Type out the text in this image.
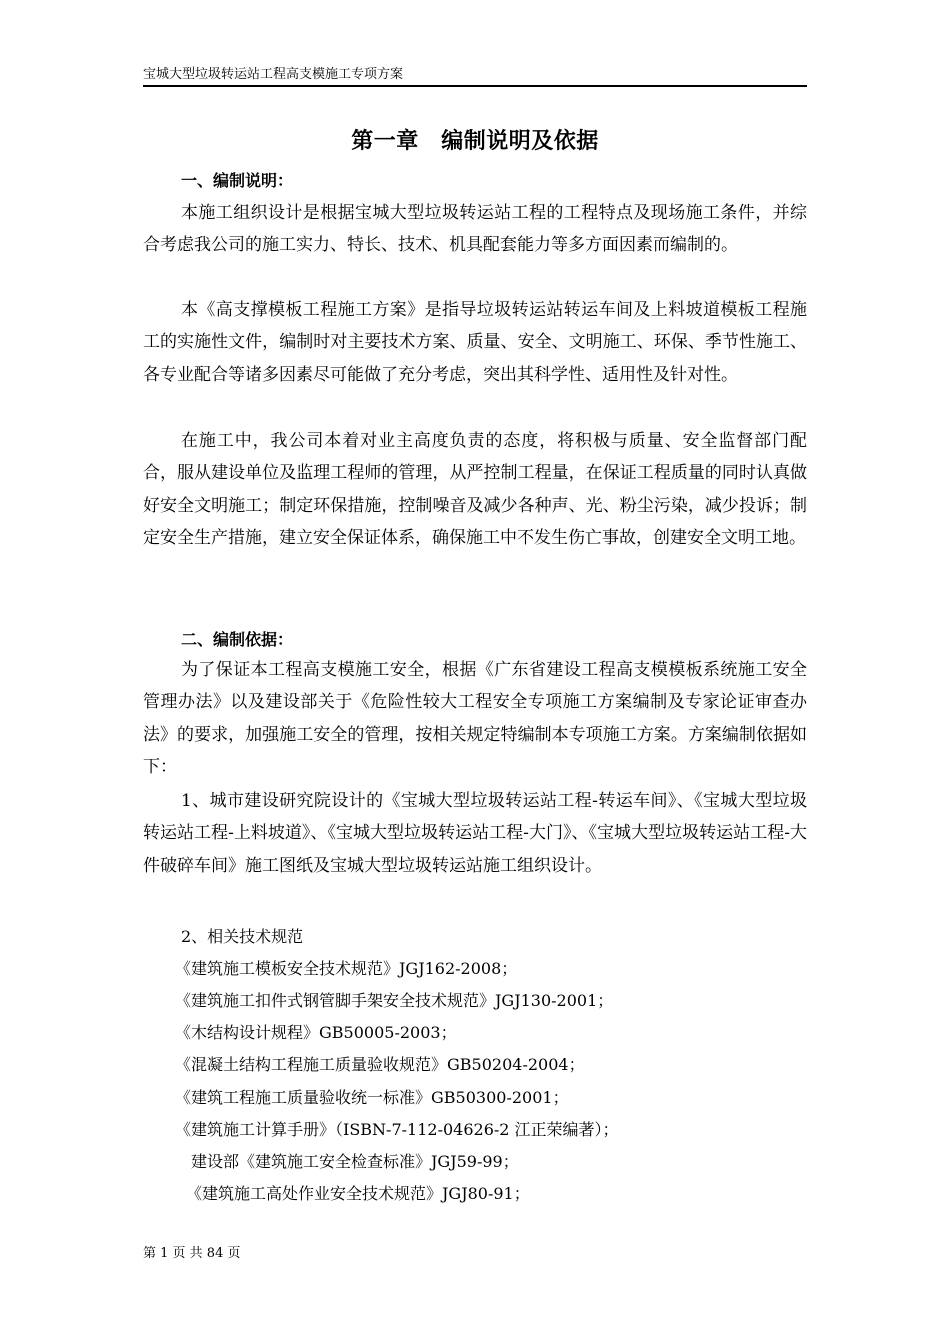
宝城大型垃圾转运站工程高支模施工专项方案
第一章　编制说明及依据
一、编制说明：
本施工组织设计是根据宝城大型垃圾转运站工程的工程特点及现场施工条件，并综合考虑我公司的施工实力、特长、技术、机具配套能力等多方面因素而编制的。
本《高支撑模板工程施工方案》是指导垃圾转运站转运车间及上料坡道模板工程施工的实施性文件，编制时对主要技术方案、质量、安全、文明施工、环保、季节性施工、各专业配合等诸多因素尽可能做了充分考虑，突出其科学性、适用性及针对性。
在施工中，我公司本着对业主高度负责的态度，将积极与质量、安全监督部门配合，服从建设单位及监理工程师的管理，从严控制工程量，在保证工程质量的同时认真做好安全文明施工；制定环保措施，控制噪音及减少各种声、光、粉尘污染，减少投诉；制定安全生产措施，建立安全保证体系，确保施工中不发生伤亡事故，创建安全文明工地。
二、编制依据：
为了保证本工程高支模施工安全，根据《广东省建设工程高支模模板系统施工安全管理办法》以及建设部关于《危险性较大工程安全专项施工方案编制及专家论证审查办法》的要求，加强施工安全的管理，按相关规定特编制本专项施工方案。方案编制依据如下：
1、城市建设研究院设计的《宝城大型垃圾转运站工程-转运车间》、《宝城大型垃圾转运站工程-上料坡道》、《宝城大型垃圾转运站工程-大门》、《宝城大型垃圾转运站工程-大件破碎车间》施工图纸及宝城大型垃圾转运站施工组织设计。
2、相关技术规范
《建筑施工模板安全技术规范》JGJ162-2008；
《建筑施工扣件式钢管脚手架安全技术规范》JGJ130-2001；
《木结构设计规程》GB50005-2003；
《混凝土结构工程施工质量验收规范》GB50204-2004；
《建筑工程施工质量验收统一标准》GB50300-2001；
《建筑施工计算手册》（ISBN-7-112-04626-2 江正荣编著）；
建设部《建筑施工安全检查标准》JGJ59-99；
《建筑施工高处作业安全技术规范》JGJ80-91；
第 1 页 共 84 页
